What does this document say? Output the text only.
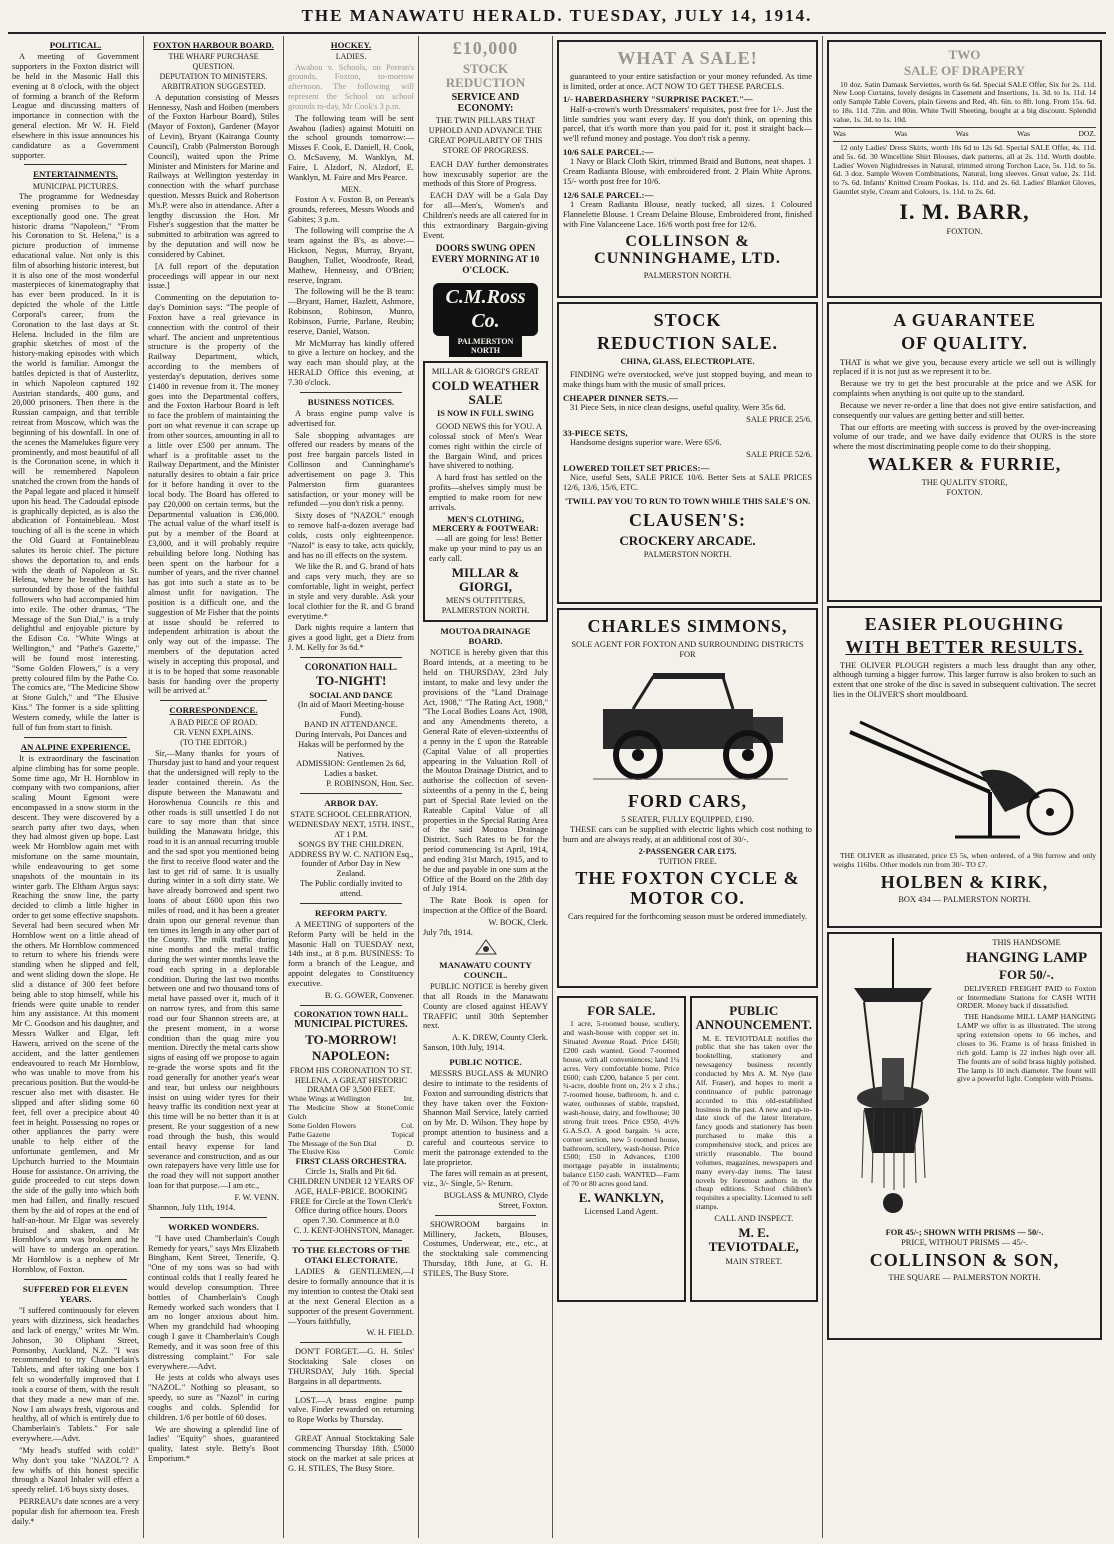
THE MANAWATU HERALD. TUESDAY, JULY 14, 1914.
POLITICAL.

A meeting of Government supporters in the Foxton district will be held in the Masonic Hall this evening at 8 o'clock, with the object of forming a branch of the Reform League and discussing matters of importance in connection with the general election. Mr W. H. Field elsewhere in this issue announces his candidature as a Government supporter.

ENTERTAINMENTS.
MUNICIPAL PICTURES.

The programme for Wednesday evening promises to be an exceptionally good one. The great historic drama "Napoleon," "From his Coronation to St. Helena," is a picture production of immense educational value. Not only is this film of absorbing historic interest, but it is also one of the most wonderful masterpieces of kinematography that has ever been produced. In it is depicted the whole of the Little Corporal's career, from the Coronation to the last days at St. Helena. Included in the film are graphic sketches of most of the history-making episodes with which the world is familiar. Amongst the battles depicted is that of Austerlitz, in which Napoleon captured 192 Austrian standards, 400 guns, and 20,000 prisoners. Then there is the Russian campaign, and that terrible retreat from Moscow, which was the beginning of his downfall. In one of the scenes the Mamelukes figure very prominently, and most beautiful of all is the Coronation scene, in which it will be remembered Napoleon snatched the crown from the hands of the Papal legate and placed it himself upon his head. The Cadoudal episode is graphically depicted, as is also the abdication of Fontainebleau. Most touching of all is the scene in which the Old Guard at Fontainebleau salutes its heroic chief. The picture shows the deportation to, and ends with the death of Napoleon at St. Helena, where he breathed his last surrounded by those of the faithful followers who had accompanied him into exile. The other dramas, "The Message of the Sun Dial," is a truly delightful and enjoyable picture by the Edison Co. "White Wings at Wellington," and "Pathe's Gazette," will be found most interesting. "Some Golden Flowers," is a very pretty coloured film by the Pathe Co. The comics are, "The Medicine Show at Stone Gulch," and "The Elusive Kiss." The former is a side splitting Western comedy, while the latter is full of fun from start to finish.

AN ALPINE EXPERIENCE.

It is extraordinary the fascination alpine climbing has for some people. Some time ago, Mr H. Hornblow in company with two companions, after scaling Mount Egmont were encompassed in a snow storm in the descent. They were discovered by a search party after two days, when they had almost given up hope. Last week Mr Hornblow again met with misfortune on the same mountain, while endeavouring to get some snapshots of the mountain in its winter garb. The Eltham Argus says: Reaching the snow line, the party decided to climb a little higher in order to get some effective snapshots. Several had been secured when Mr Hornblow went on a little ahead of the others. Mr Hornblow commenced to return to where his friends were standing when he slipped and fell, and went sliding down the slope. He slid a distance of 300 feet before being able to stop himself, while his friends were quite unable to render him any assistance. At this moment Mr C. Goodson and his daughter, and Messrs Walker and Elgar, left Hawera, arrived on the scene of the accident, and the latter gentlemen endeavoured to reach Mr Hornblow, who was unable to move from his precarious position. But the would-be rescuer also met with disaster. He slipped and after sliding some 60 feet, fell over a precipice about 40 feet in height. Possessing no ropes or other appliances the party were unable to help either of the unfortunate gentlemen, and Mr Upchurch hurried to the Mountain House for assistance. On arriving, the guide proceeded to cut steps down the side of the gully into which both men had fallen, and finally rescued them by the aid of ropes at the end of half-an-hour. Mr Elgar was severely bruised and shaken, and Mr Hornblow's arm was broken and he will have to undergo an operation. Mr Hornblow is a nephew of Mr Hornblow, of Foxton.

SUFFERED FOR ELEVEN YEARS.

"I suffered continuously for eleven years with dizziness, sick headaches and lack of energy," writes Mr Wm. Johnson, 30 Oliphant Street, Ponsonby, Auckland, N.Z. "I was recommended to try Chamberlain's Tablets, and after taking one box I felt so wonderfully improved that I took a course of them, with the result that they made a new man of me. Now I am always fresh, vigorous and healthy, all of which is entirely due to Chamberlain's Tablets." For sale everywhere.—Advt.

"My head's stuffed with cold!" Why don't you take "NAZOL"? A few whiffs of this honest specific through a Nazol Inhaler will effect a speedy relief. 1/6 buys sixty doses.

PERREAU's date scones are a very popular dish for afternoon tea. Fresh daily.*

FOXTON HARBOUR BOARD.
THE WHARF PURCHASE QUESTION.
DEPUTATION TO MINISTERS.
ARBITRATION SUGGESTED.

A deputation consisting of Messrs Hennessy, Nash and Hoiben (members of the Foxton Harbour Board), Stiles (Mayor of Foxton), Gardener (Mayor of Levin), Bryant (Kairanga County Council), Crabb (Palmerston Borough Council), waited upon the Prime Minister and Ministers for Marine and Railways at Wellington yesterday in connection with the wharf purchase question. Messrs Buick and Robertson M's.P. were also in attendance. After a lengthy discussion the Hon. Mr Fisher's suggestion that the matter be submitted to arbitration was agreed to by the deputation and will now be considered by Cabinet.

[A full report of the deputation proceedings will appear in our next issue.]

Commenting on the deputation to-day's Dominion says: "The people of Foxton have a real grievance in connection with the control of their wharf. The ancient and unpretentious structure is the property of the Railway Department, which, according to the members of yesterday's deputation, derives some £1400 in revenue from it. The money goes into the Departmental coffers, and the Foxton Harbour Board is left to face the problem of maintaining the port on what revenue it can scrape up from other sources, amounting in all to a little over £500 per annum. The wharf is a profitable asset to the Railway Department, and the Minister naturally desires to obtain a fair price for it before handing it over to the local body. The Board has offered to pay £20,000 on certain terms, but the Departmental valuation is £36,000. The actual value of the wharf itself is put by a member of the Board at £3,000, and it will probably require rebuilding before long. Nothing has been spent on the harbour for a number of years, and the river channel has got into such a state as to be almost unfit for navigation. The position is a difficult one, and the suggestion of Mr Fisher that the points at issue should be referred to independent arbitration is about the only way out of the impasse. The members of the deputation acted wisely in accepting this proposal, and it is to be hoped that some reasonable basis for handing over the property will be arrived at."

CORRESPONDENCE.
A BAD PIECE OF ROAD.
CR. VENN EXPLAINS.
(TO THE EDITOR.)

Sir,—Many thanks for yours of Thursday just to hand and your request that the undersigned will reply to the leader contained therein. As the dispute between the Manawatu and Horowhenua Councils re this and other roads is still unsettled I do not care to say more than that since building the Manawatu bridge, this road to it is an annual recurring trouble and the sad spot you mentioned being the first to receive flood water and the last to get rid of same. It is usually during winter in a soft dirty state. We have already borrowed and spent two loans of about £600 upon this two miles of road, and it has been a greater drain upon our general revenue than ten times its length in any other part of the County. The milk traffic during nine months and the metal traffic during the wet winter months leave the road each spring in a deplorable condition. During the last two months between one and two thousand tons of metal have passed over it, much of it on narrow tyres, and from this same road our four Shannon streets are, at the present moment, in a worse condition than the quag mire you mention. Directly the metal carts show signs of easing off we propose to again re-grade the worse spots and fit the road generally for another year's wear and tear, but unless our neighbours insist on using wider tyres for their heavy traffic its condition next year at this time will be no better than it is at present. Re your suggestion of a new road through the bush, this would entail heavy expense for land severance and construction, and as our own ratepayers have very little use for the road they will not support another loan for that purpose.—I am etc.,

F. W. VENN.
Shannon, July 11th, 1914.
WORKED WONDERS.

"I have used Chamberlain's Cough Remedy for years," says Mrs Elizabeth Bingham, Kent Street, Tenerife, Q. "One of my sons was so bad with continual colds that I really feared he would develop consumption. Three bottles of Chamberlain's Cough Remedy worked such wonders that I am no longer anxious about him. When my grandchild had whooping cough I gave it Chamberlain's Cough Remedy, and it was soon free of this distressing complaint." For sale everywhere.—Advt.

He jests at colds who always uses "NAZOL." Nothing so pleasant, so speedy, so sure as "Nazol" in curing coughs and colds. Splendid for children. 1/6 per bottle of 60 doses.

We are showing a splendid line of ladies' "Equity" shoes, guaranteed quality, latest style. Betty's Boot Emporium.*

HOCKEY.
LADIES.

Awahou v. Schools, on Porean's grounds, Foxton, to-morrow afternoon. The following will represent the School on school grounds to-day, Mr Cook's 3 p.m.

The following team will be sent Awahou (ladies) against Motuiti on the school grounds tomorrow:—Misses F. Cook, E. Daniell, H. Cook, O. McSaveny, M. Wanklyn, M. Faire, I. Alzdorf, N. Alzdorf, E. Wanklyn, M. Faire and Mrs Pearce.

MEN.

Foxton A v. Foxton B, on Perean's grounds, referees, Messrs Woods and Gabites; 3 p.m.

The following will comprise the A team against the B's, as above:—Hickson, Negus, Murray, Bryant, Baughen, Tullet, Woodroofe, Read, Mathew, Hennessy, and O'Brien; reserve, Ingram.

The following will be the B team:—Bryant, Hamer, Hazlett, Ashmore, Robinson, Robinson, Munro, Robinson, Furrie, Parlane, Reubin; reserve, Daniel, Watson.

Mr McMurray has kindly offered to give a lecture on hockey, and the way each man should play, at the HERALD Office this evening, at 7.30 o'clock.

BUSINESS NOTICES.

A brass engine pump valve is advertised for.

Sale shopping advantages are offered our readers by means of the post free bargain parcels listed in Collinson and Cunninghame's advertisement on page 3. This Palmerston firm guarantees satisfaction, or your money will be refunded —you don't risk a penny.

Sixty doses of "NAZOL" enough to remove half-a-dozen average bad colds, costs only eighteenpence. "Nazol" is easy to take, acts quickly, and has no ill effects on the system.

We like the R. and G. brand of hats and caps very much, they are so comfortable, light in weight, perfect in style and very durable. Ask your local clothier for the R. and G brand everytime.*

Dark nights require a lantern that gives a good light, get a Dietz from J. M. Kelly for 3s 6d.*

CORONATION HALL.
TO-NIGHT!
SOCIAL AND DANCE
(In aid of Maori Meeting-house Fund).
BAND IN ATTENDANCE.
During Intervals, Poi Dances and Hakas will be performed by the Natives.
ADMISSION: Gentlemen 2s 6d, Ladies a basket.
P. ROBINSON, Hon. Sec.
ARBOR DAY.
STATE SCHOOL CELEBRATION.
WEDNESDAY NEXT, 15TH. INST., AT 1 P.M.
SONGS BY THE CHILDREN.
ADDRESS BY W. C. NATION Esq., founder of Arbor Day in New Zealand.
The Public cordially invited to attend.
REFORM PARTY.

A MEETING of supporters of the Reform Party will be held in the Masonic Hall on TUESDAY next, 14th inst., at 8 p.m. BUSINESS: To form a branch of the League, and appoint delegates to Constituency executive.

B. G. GOWER, Convener.
CORONATION TOWN HALL.
MUNICIPAL PICTURES.
TO-MORROW!
NAPOLEON:
FROM HIS CORONATION TO ST. HELENA. A GREAT HISTORIC DRAMA OF 3,500 FEET.
White Wings at Wellington	Int.
The Medicine Show at Stone Gulch
Comic
Some Golden Flowers	Col.
Pathe Gazette	Topical
The Message of the Sun Dial	D.
The Elusive Kiss	Comic
FIRST CLASS ORCHESTRA.
Circle 1s, Stalls and Pit 6d. CHILDREN UNDER 12 YEARS OF AGE, HALF-PRICE. BOOKING FREE for Circle at the Town Clerk's Office during office hours. Doors open 7.30. Commence at 8.0
C. J. KENT-JOHNSTON, Manager.
TO THE ELECTORS OF THE OTAKI ELECTORATE.

LADIES & GENTLEMEN,—I desire to formally announce that it is my intention to contest the Otaki seat at the next General Election as a supporter of the present Government.—Yours faithfully,

W. H. FIELD.

DON'T FORGET.—G. H. Stiles' Stocktaking Sale closes on THURSDAY, July 16th. Special Bargains in all departments.

LOST.—A brass engine pump valve. Finder rewarded on returning to Rope Works by Thursday.

GREAT Annual Stocktaking Sale commencing Thursday 18th. £5000 stock on the market at sale prices at G. H. STILES, The Busy Store.

£10,000
STOCK REDUCTION
SERVICE AND ECONOMY:
THE TWIN PILLARS THAT UPHOLD AND ADVANCE THE GREAT POPULARITY OF THIS STORE OF PROGRESS.

EACH DAY further demonstrates how inexcusably superior are the methods of this Store of Progress.

EACH DAY will be a Gala Day for all—Men's, Women's and Children's needs are all catered for in this extraordinary Bargain-giving Event.

DOORS SWUNG OPEN EVERY MORNING AT 10 O'CLOCK.
C.M.Ross Co.
PALMERSTON NORTH
MILLAR & GIORGI'S GREAT
COLD WEATHER SALE
IS NOW IN FULL SWING

GOOD NEWS this for YOU. A colossal stock of Men's Wear comes right within the circle of the Bargain Wind, and prices have shivered to nothing.

A hard frost has settled on the profits—shelves simply must be emptied to make room for new arrivals.

MEN'S CLOTHING, MERCERY & FOOTWEAR:

—all are going for less! Better make up your mind to pay us an early call.

MILLAR & GIORGI,
MEN'S OUTFITTERS, PALMERSTON NORTH.
MOUTOA DRAINAGE BOARD.

NOTICE is hereby given that this Board intends, at a meeting to be held on THURSDAY, 23rd July instant, to make and levy under the provisions of the "Land Drainage Act, 1908," "The Rating Act, 1908," "The Local Bodies Loans Act, 1908, and any Amendments thereto, a General Rate of eleven-sixteenths of a penny in the £ upon the Rateable (Capital Value of all properties appearing in the Valuation Roll of the Moutoa Drainage District, and to authorise the collection of seven-sixteenths of a penny in the £, being part of Special Rate levied on the Rateable Capital Value of all properties in the Special Rating Area of the said Moutoa Drainage District. Such Rates to be for the period commencing 1st April, 1914, and ending 31st March, 1915, and to be due and payable in one sum at the Office of the Board on the 28th day of July 1914.

The Rate Book is open for inspection at the Office of the Board.

W. BOCK, Clerk.
July 7th, 1914.
MANAWATU COUNTY COUNCIL.

PUBLIC NOTICE is hereby given that all Roads in the Manawatu County are closed against HEAVY TRAFFIC until 30th September next.

A. K. DREW, County Clerk.
Sanson, 10th July, 1914.
PUBLIC NOTICE.

MESSRS BUGLASS & MUNRO desire to intimate to the residents of Foxton and surrounding districts that they have taken over the Foxton-Shannon Mail Service, lately carried on by Mr. D. Wilson. They hope by prompt attention to business and a careful and courteous service to merit the patronage extended to the late proprietor.

The fares will remain as at present, viz., 3/- Single, 5/- Return.

BUGLASS & MUNRO, Clyde Street, Foxton.

SHOWROOM bargains in Millinery, Jackets, Blouses, Costumes, Underwear, etc., etc., at the stocktaking sale commencing Thursday, 18th June, at G. H. STILES, The Busy Store.

WHAT A SALE!

guaranteed to your entire satisfaction or your money refunded. As time is limited, order at once. ACT NOW TO GET THESE PARCELS.

1/- HABERDASHERY "SURPRISE PACKET."—

Half-a-crown's worth Dressmakers' requisites, post free for 1/-. Just the little sundries you want every day. If you don't think, on opening this parcel, that it's worth more than you paid for it, post it straight back—we'll refund money and postage. You don't risk a penny.

10/6 SALE PARCEL:—

1 Navy or Black Cloth Skirt, trimmed Braid and Buttons, neat shapes. 1 Cream Radianta Blouse, with embroidered front. 2 Plain White Aprons. 15/- worth post free for 10/6.

12/6 SALE PARCEL:—

1 Cream Radianta Blouse, neatly tucked, all sizes. 1 Coloured Flannelette Blouse. 1 Cream Delaine Blouse, Embroidered front, finished with Fine Valanceene Lace. 16/6 worth post free for 12/6.

COLLINSON & CUNNINGHAME, LTD.
PALMERSTON NORTH.
STOCK
REDUCTION SALE.
CHINA, GLASS, ELECTROPLATE.

FINDING we're overstocked, we've just stopped buying, and mean to make things hum with the music of small prices.

CHEAPER DINNER SETS.—

31 Piece Sets, in nice clean designs, useful quality. Were 35s 6d.

SALE PRICE 25/6.
33-PIECE SETS,

Handsome designs superior ware. Were 65/6.

SALE PRICE 52/6.
LOWERED TOILET SET PRICES:—

Nice, useful Sets, SALE PRICE 10/6. Better Sets at SALE PRICES 12/6, 13/6, 15/6, ETC.

'TWILL PAY YOU TO RUN TO TOWN WHILE THIS SALE'S ON.
CLAUSEN'S:
CROCKERY ARCADE.
PALMERSTON NORTH.
CHARLES SIMMONS,
SOLE AGENT FOR FOXTON AND SURROUNDING DISTRICTS FOR
FORD CARS,
5 SEATER, FULLY EQUIPPED, £190.

THESE cars can be supplied with electric lights which cost nothing to burn and are always ready, at an additional cost of 30/-.

2-PASSENGER CAR £175.
TUITION FREE.
THE FOXTON CYCLE & MOTOR CO.
Cars required for the forthcoming season must be ordered immediately.
FOR SALE.

1 acre, 5-roomed house, scullery, and wash-house with copper set in. Situated Avenue Road. Price £450; £200 cash wanted. Good 7-roomed house, with all conveniences; land 1¼ acres. Very comfortable home. Price £600; cash £200, balance 5 per cent. ¼-acre, double front on, 2½ x 2 chs.; 7-roomed house, bathroom, h. and c. water, outhouses of stable, trapshed, wash-house, dairy, and fowlhouse; 30 strong fruit trees. Price £950, 4½% G.A.S.O. A good bargain. ¼ acre, corner section, new 5 roomed house, bathroom, scullery, wash-house. Price £500; £50 in Advances, £100 mortgage payable in instalments; balance £150 cash. WANTED—Farm of 70 or 80 acres good land.

E. WANKLYN,
Licensed Land Agent.
PUBLIC ANNOUNCEMENT.

M. E. TEVIOTDALE notifies the public that she has taken over the booktelling, stationery and newsagency business recently conducted by Mrs A. M. Nye (late Alf. Fraser), and hopes to merit a continuance of public patronage accorded to this old-established business in the past. A new and up-to-date stock of the latest literature, fancy goods and stationery has been purchased to make this a comprehensive stock, and prices are strictly reasonable. The bound volumes, magazines, newspapers and many every-day items. The latest novels by foremost authors in the cheap editions. School children's requisites a speciality. Licensed to sell stamps.

CALL AND INSPECT.
M. E. TEVIOTDALE,
MAIN STREET.
TWO
SALE OF DRAPERY

10 doz. Satin Damask Serviettes, worth 6s 6d. Special SALE Offer, Six for 2s. 11d. New Loop Curtains, lovely designs in Casement and Insertions, 1s. 3d. to 1s. 11d. 14 only Sample Table Covers, plain Greens and Red, 4ft. 6in. to 8ft. long. From 15s. 6d. to 18s. 11d. 72in. and 80in. White Twill Sheeting, bought at a big discount. Splendid value, 1s. 3d. to 1s. 10d.

Was	Was	Was	Was	DOZ.

12 only Ladies' Dress Skirts, worth 10s 6d to 12s 6d. Special SALE Offer, 4s. 11d. and 5s. 6d. 30 Wincelline Shirt Blouses, dark patterns, all at 2s. 11d. Worth double. Ladies' Woven Nightdresses in Natural, trimmed strong Torchon Lace, 5s. 11d. to 5s. 6d. 3 doz. Sample Woven Combinations, Natural, long sleeves. Great value, 2s. 11d. to 7s. 6d. Infants' Knitted Cream Pookas, 1s. 11d. and 2s. 6d. Ladies' Blanket Gloves, Gauntlet style, Cream and Colours, 1s. 11d. to 2s. 6d.

I. M. BARR,
FOXTON.
A GUARANTEE
OF QUALITY.

THAT is what we give you, because every article we sell out is willingly replaced if it is not just as we represent it to be.

Because we try to get the best procurable at the price and we ASK for complaints when anything is not quite up to the standard.

Because we never re-order a line that does not give entire satisfaction, and consequently our values are getting better and still better.

That our efforts are meeting with success is proved by the over-increasing volume of our trade, and we have daily evidence that OURS is the store where the most discriminating people come to do their shopping.

WALKER & FURRIE,
THE QUALITY STORE,
FOXTON.
EASIER PLOUGHING
WITH BETTER RESULTS.

THE OLIVER PLOUGH registers a much less draught than any other, although turning a bigger furrow. This larger furrow is also broken to such an extent that one stroke of the disc is saved in subsequent cultivation. The secret lies in the OLIVER'S short mouldboard.

THE OLIVER as illustrated, price £5 5s, when ordered, of a 9in furrow and only weighs 116lbs. Other models run from 30/- TO £7.

HOLBEN & KIRK,
BOX 434 — PALMERSTON NORTH.
THIS HANDSOME
HANGING LAMP
FOR 50/-.

DELIVERED FREIGHT PAID to Foxton or Intermediate Stations for CASH WITH ORDER. Money back if dissatisfied.

THE Handsome MILL LAMP HANGING LAMP we offer is as illustrated. The strong spring extension opens to 66 inches, and closes to 36. Frame is of brass finished in rich gold. Lamp is 22 inches high over all. The founts are of solid brass highly polished. The lamp is 10 inch diameter. The fount will give a powerful light. Complete with Prisms.

FOR 45/-; SHOWN WITH PRISMS — 50/-.
PRICE, WITHOUT PRISMS — 45/-.
COLLINSON & SON,
THE SQUARE — PALMERSTON NORTH.
